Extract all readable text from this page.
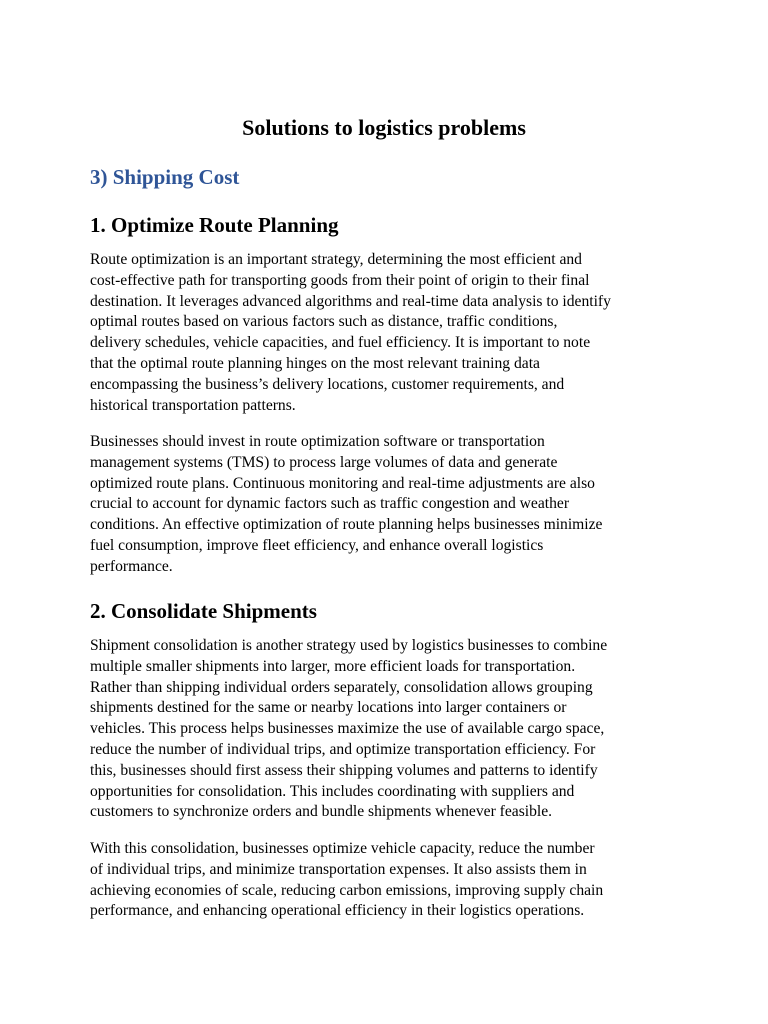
Solutions to logistics problems
3) Shipping Cost
1. Optimize Route Planning

Route optimization is an important strategy, determining the most efficient and
cost-effective path for transporting goods from their point of origin to their final
destination. It leverages advanced algorithms and real-time data analysis to identify
optimal routes based on various factors such as distance, traffic conditions,
delivery schedules, vehicle capacities, and fuel efficiency. It is important to note
that the optimal route planning hinges on the most relevant training data
encompassing the business’s delivery locations, customer requirements, and
historical transportation patterns.

Businesses should invest in route optimization software or transportation
management systems (TMS) to process large volumes of data and generate
optimized route plans. Continuous monitoring and real-time adjustments are also
crucial to account for dynamic factors such as traffic congestion and weather
conditions. An effective optimization of route planning helps businesses minimize
fuel consumption, improve fleet efficiency, and enhance overall logistics
performance.

2. Consolidate Shipments

Shipment consolidation is another strategy used by logistics businesses to combine
multiple smaller shipments into larger, more efficient loads for transportation.
Rather than shipping individual orders separately, consolidation allows grouping
shipments destined for the same or nearby locations into larger containers or
vehicles. This process helps businesses maximize the use of available cargo space,
reduce the number of individual trips, and optimize transportation efficiency. For
this, businesses should first assess their shipping volumes and patterns to identify
opportunities for consolidation. This includes coordinating with suppliers and
customers to synchronize orders and bundle shipments whenever feasible.

With this consolidation, businesses optimize vehicle capacity, reduce the number
of individual trips, and minimize transportation expenses. It also assists them in
achieving economies of scale, reducing carbon emissions, improving supply chain
performance, and enhancing operational efficiency in their logistics operations.
